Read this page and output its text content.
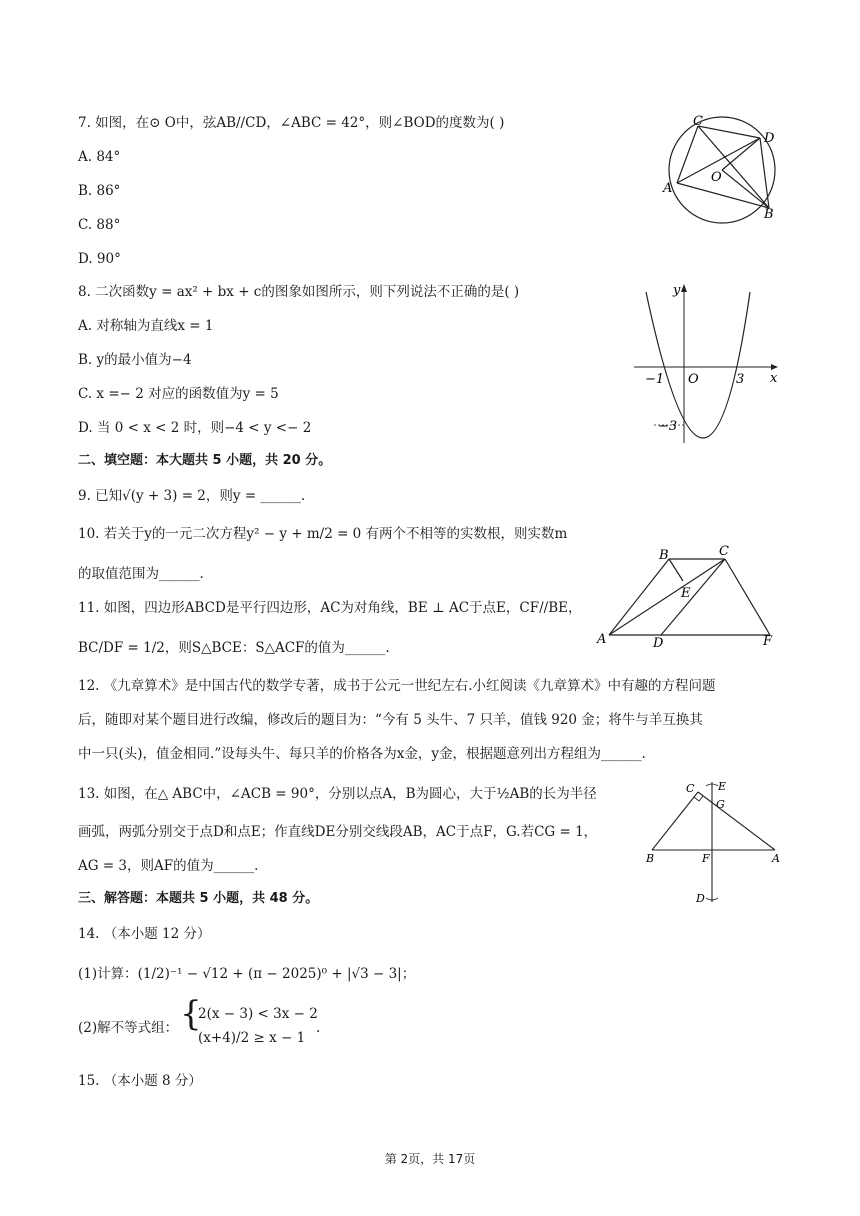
7. 如图，在⊙ O中，弦AB//CD，∠ABC = 42°，则∠BOD的度数为( )
A. 84°
B. 86°
C. 88°
D. 90°
C
D
A
O
B
8. 二次函数y = ax² + bx + c的图象如图所示，则下列说法不正确的是( )
A. 对称轴为直线x = 1
B. y的最小值为−4
C. x =− 2 对应的函数值为y = 5
D. 当 0 < x < 2 时，则−4 < y <− 2
y
x
−1 O	3
−3
二、填空题：本大题共 5 小题，共 20 分。
9. 已知√(y + 3) = 2，则y = ______.
10. 若关于y的一元二次方程y² − y + m/2 = 0 有两个不相等的实数根，则实数m
的取值范围为______.
11. 如图，四边形ABCD是平行四边形，AC为对角线，BE ⊥ AC于点E，CF//BE，
BC/DF = 1/2，则S△BCE：S△ACF的值为______.
B	C
E
A	D	F
12. 《九章算术》是中国古代的数学专著，成书于公元一世纪左右.小红阅读《九章算术》中有趣的方程问题
后，随即对某个题目进行改编，修改后的题目为：“今有 5 头牛、7 只羊，值钱 920 金；将牛与羊互换其
中一只(头)，值金相同.”设每头牛、每只羊的价格各为x金，y金，根据题意列出方程组为______.
13. 如图，在△ ABC中，∠ACB = 90°，分别以点A，B为圆心，大于½AB的长为半径
画弧，两弧分别交于点D和点E；作直线DE分别交线段AB，AC于点F，G.若CG = 1，
AG = 3，则AF的值为______.
C E
G
B	F	A
D
三、解答题：本题共 5 小题，共 48 分。
14. （本小题 12 分）
(1)计算：(1/2)⁻¹ − √12 + (π − 2025)⁰ + |√3 − 3|；
(2)解不等式组： {
2(x − 3) < 3x − 2
(x+4)/2 ≥ x − 1
.
15. （本小题 8 分）
第 2页，共 17页
